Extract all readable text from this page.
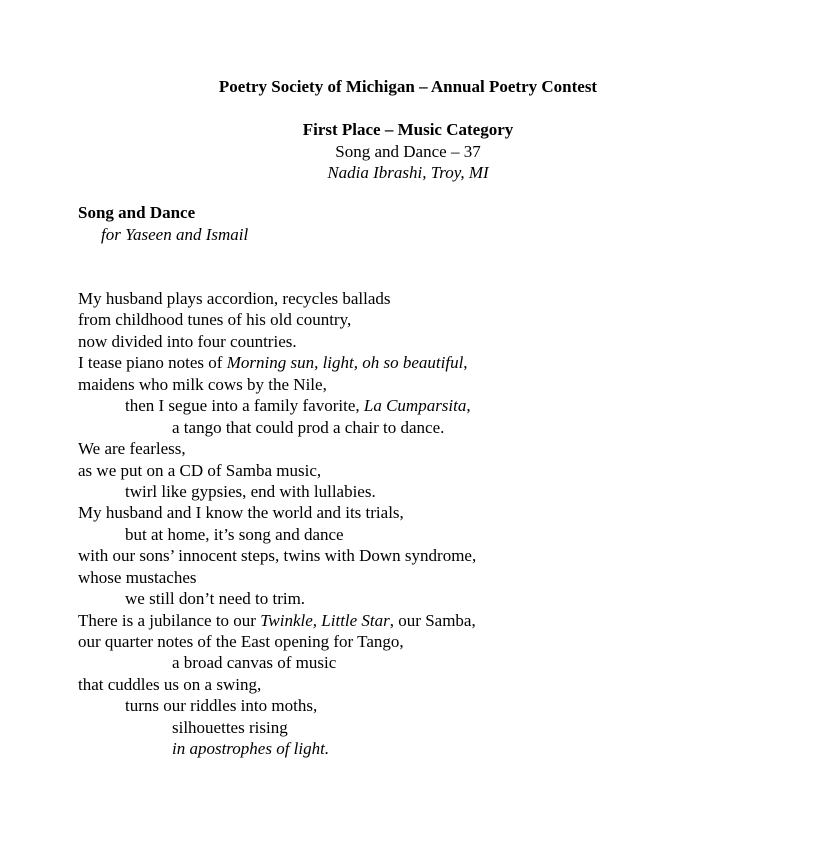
Poetry Society of Michigan – Annual Poetry Contest
First Place – Music Category
Song and Dance – 37
Nadia Ibrashi, Troy, MI
Song and Dance
for Yaseen and Ismail
My husband plays accordion, recycles ballads
from childhood tunes of his old country,
now divided into four countries.
I tease piano notes of Morning sun, light, oh so beautiful,
maidens who milk cows by the Nile,
then I segue into a family favorite, La Cumparsita,
a tango that could prod a chair to dance.
We are fearless,
as we put on a CD of Samba music,
twirl like gypsies, end with lullabies.
My husband and I know the world and its trials,
but at home, it’s song and dance
with our sons’ innocent steps, twins with Down syndrome,
whose mustaches
we still don’t need to trim.
There is a jubilance to our Twinkle, Little Star, our Samba,
our quarter notes of the East opening for Tango,
a broad canvas of music
that cuddles us on a swing,
turns our riddles into moths,
silhouettes rising
in apostrophes of light.
